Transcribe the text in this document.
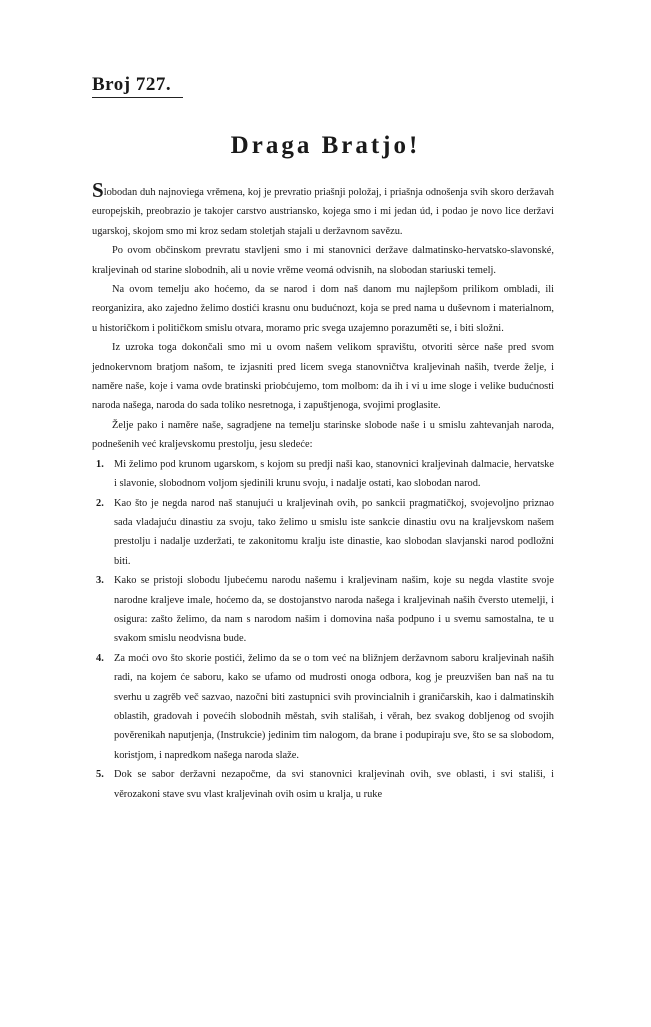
Broj 727.
Draga Bratjo!

Slobodan duh najnoviega vrěmena, koj je prevratio priašnji položaj, i priašnja odnošenja svih skoro deržavah europejskih, preobrazio je takojer carstvo austriansko, kojega smo i mi jedan úd, i podao je novo lice deržavi ugarskoj, skojom smo mi kroz sedam stoletjah stajali u deržavnom savězu.

Po ovom občinskom prevratu stavljeni smo i mi stanovnici deržave dalmatinsko-hervatsko-slavonské, kraljevinah od starine slobodnih, ali u novie vrěme veomá odvisnih, na slobodan stariuski temelj.

Na ovom temelju ako hoćemo, da se narod i dom naš danom mu najlepšom prilikom ombladi, ili reorganizira, ako zajedno želimo dostići krasnu onu budućnozt, koja se pred nama u duševnom i materialnom, u historičkom i političkom smislu otvara, moramo pric svega uzajemno porazuměti se, i biti složni.

Iz uzroka toga dokončali smo mi u ovom našem velikom spravištu, otvoriti sèrce naše pred svom jednokervnom bratjom našom, te izjasniti pred licem svega stanovničtva kraljevinah naših, tverde želje, i naměre naše, koje i vama ovde bratinski priobćujemo, tom molbom: da ih i vi u ime sloge i velike budućnosti naroda našega, naroda do sada toliko nesretnoga, i zapuštjenoga, svojimi proglasite.

Želje pako i naměre naše, sagradjene na temelju starinske slobode naše i u smislu zahtevanjah naroda, podnešenih već kraljevskomu prestolju, jesu sledeće:

1. Mi želimo pod krunom ugarskom, s kojom su predji naši kao, stanovnici kraljevinah dalmacie, hervatske i slavonie, slobodnom voljom sjedinili krunu svoju, i nadalje ostati, kao slobodan narod.
2. Kao što je negda narod naš stanujući u kraljevinah ovih, po sankcii pragmatičkoj, svojevoljno priznao sada vladajuću dinastiu za svoju, tako želimo u smislu iste sankcie dinastiu ovu na kraljevskom našem prestolju i nadalje uzderžati, te zakonitomu kralju iste dinastie, kao slobodan slavjanski narod podložni biti.
3. Kako se pristoji slobodu ljubećemu narodu našemu i kraljevinam našim, koje su negda vlastite svoje narodne kraljeve imale, hoćemo da, se dostojanstvo naroda našega i kraljevinah naših čversto utemelji, i osigura: zašto želimo, da nam s narodom našim i domovina naša podpuno i u svemu samostalna, te u svakom smislu neodvisna bude.
4. Za moći ovo što skorie postići, želimo da se o tom već na bližnjem deržavnom saboru kraljevinah naših radi, na kojem će saboru, kako se ufamo od mudrosti onoga odbora, kog je preuzvišen ban naš na tu sverhu u zagrěb več sazvao, nazočni biti zastupnici svih provincialnih i graničarskih, kao i dalmatinskih oblastih, gradovah i povećih slobodnih městah, svih stališah, i věrah, bez svakog dobljenog od svojih pověrenikah naputjenja, (Instrukcie) jedinim tim nalogom, da brane i podupiraju sve, što se sa slobodom, koristjom, i napredkom našega naroda slaže.
5. Dok se sabor deržavni nezapočme, da svi stanovnici kraljevinah ovih, sve oblasti, i svi stališi, i věrozakoni stave svu vlast kraljevinah ovih osim u kralja, u ruke
